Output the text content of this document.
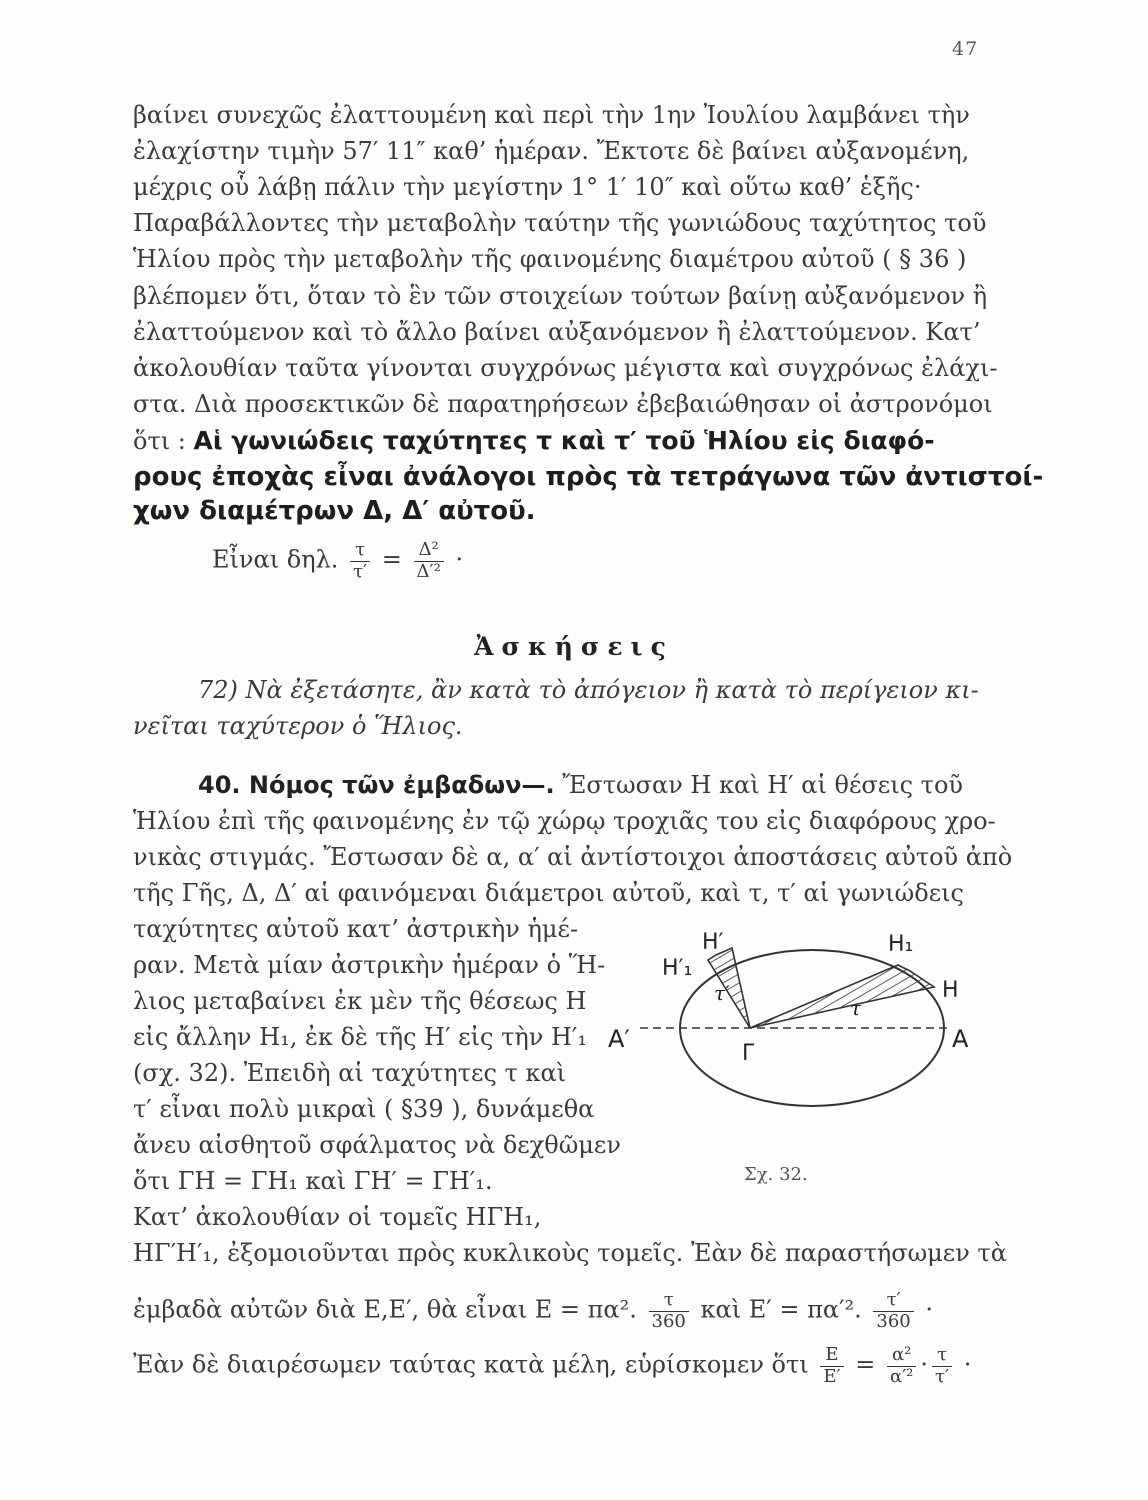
47
βαίνει συνεχῶς ἐλαττουμένη καὶ περὶ τὴν 1ην Ἰουλίου λαμβάνει τὴν
ἐλαχίστην τιμὴν 57′ 11″ καθ’ ἡμέραν. Ἔκτοτε δὲ βαίνει αὐξανομένη,
μέχρις οὗ λάβῃ πάλιν τὴν μεγίστην 1° 1′ 10″ καὶ οὕτω καθ’ ἑξῆς·
Παραβάλλοντες τὴν μεταβολὴν ταύτην τῆς γωνιώδους ταχύτητος τοῦ
Ἡλίου πρὸς τὴν μεταβολὴν τῆς φαινομένης διαμέτρου αὐτοῦ ( § 36 )
βλέπομεν ὅτι, ὅταν τὸ ἓν τῶν στοιχείων τούτων βαίνῃ αὐξανόμενον ἢ
ἐλαττούμενον καὶ τὸ ἄλλο βαίνει αὐξανόμενον ἢ ἐλαττούμενον. Κατ’
ἀκολουθίαν ταῦτα γίνονται συγχρόνως μέγιστα καὶ συγχρόνως ἐλάχι-
στα. Διὰ προσεκτικῶν δὲ παρατηρήσεων ἐβεβαιώθησαν οἱ ἀστρονόμοι
ὅτι : Αἱ γωνιώδεις ταχύτητες τ καὶ τ′ τοῦ Ἡλίου εἰς διαφό-
ρους ἐποχὰς εἶναι ἀνάλογοι πρὸς τὰ τετράγωνα τῶν ἀντιστοί-
χων διαμέτρων Δ, Δ′ αὐτοῦ.
Εἶναι δηλ. $\frac{\tau}{\tau'} = \frac{\text{Δ²}}{\text{Δ′²}}$ ·
Ἀσκήσεις
72) Νὰ ἐξετάσητε, ἂν κατὰ τὸ ἀπόγειον ἢ κατὰ τὸ περίγειον κι-
νεῖται ταχύτερον ὁ Ἥλιος.
40. Νόμος τῶν ἐμβαδων—. Ἔστωσαν Η καὶ Η′ αἱ θέσεις τοῦ
Ἡλίου ἐπὶ τῆς φαινομένης ἐν τῷ χώρῳ τροχιᾶς του εἰς διαφόρους χρο-
νικὰς στιγμάς. Ἔστωσαν δὲ α, α′ αἱ ἀντίστοιχοι ἀποστάσεις αὐτοῦ ἀπὸ
τῆς Γῆς, Δ, Δ′ αἱ φαινόμεναι διάμετροι αὐτοῦ, καὶ τ, τ′ αἱ γωνιώδεις
ταχύτητες αὐτοῦ κατ’ ἀστρικὴν ἡμέ-
ραν. Μετὰ μίαν ἀστρικὴν ἡμέραν ὁ Ἥ-
λιος μεταβαίνει ἐκ μὲν τῆς θέσεως Η
εἰς ἄλλην Η₁, ἐκ δὲ τῆς Η′ εἰς τὴν Η′₁
(σχ. 32). Ἐπειδὴ αἱ ταχύτητες τ καὶ
τ′ εἶναι πολὺ μικραὶ ( §39 ), δυνάμεθα
ἄνευ αἰσθητοῦ σφάλματος νὰ δεχθῶμεν
ὅτι ΓΗ = ΓΗ₁ καὶ ΓΗ′ = ΓΗ′₁.
Κατ’ ἀκολουθίαν οἱ τομεῖς ΗΓΗ₁,
ΗΓ′Η′₁, ἐξομοιοῦνται πρὸς κυκλικοὺς τομεῖς. Ἐὰν δὲ παραστήσωμεν τὰ
ἐμβαδὰ αὐτῶν διὰ Ε,Ε′, θὰ εἶναι Ε = πα². $\frac{\tau}{360}$ καὶ Ε′ = πα′². $\frac{\tau'}{360}$ ·
Ἐὰν δὲ διαιρέσωμεν ταύτας κατὰ μέλη, εὑρίσκομεν ὅτι $\frac{E}{E'} = \frac{\text{α²}}{\text{α′²}} \cdot \frac{\tau}{\tau'}$ ·
Η′₁
Η′	Η₁
Η
Α′	Α
Γ
τ′
τ
Σχ. 32.
